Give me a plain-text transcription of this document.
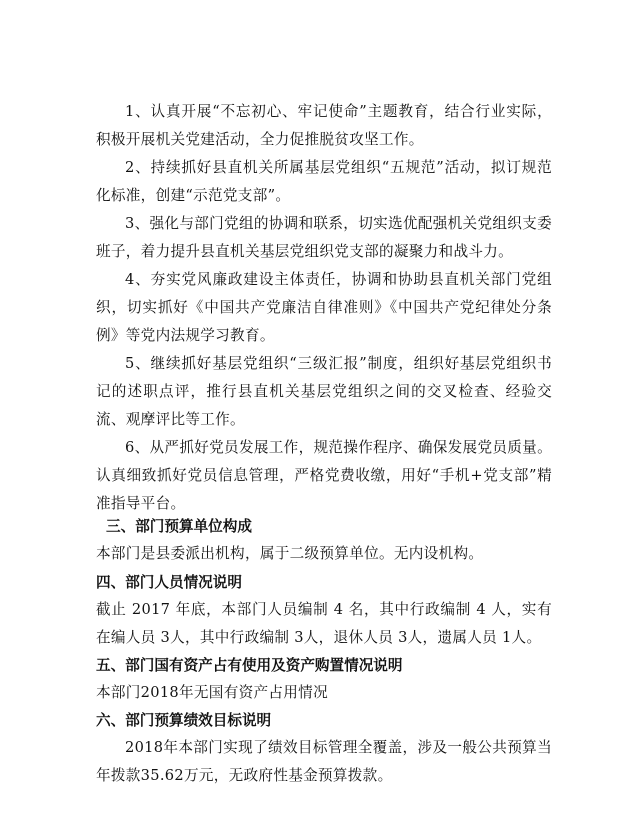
1、认真开展“不忘初心、牢记使命”主题教育，结合行业实际，积极开展机关党建活动，全力促推脱贫攻坚工作。

2、持续抓好县直机关所属基层党组织“五规范”活动，拟订规范化标准，创建“示范党支部”。

3、强化与部门党组的协调和联系，切实选优配强机关党组织支委班子，着力提升县直机关基层党组织党支部的凝聚力和战斗力。

4、夯实党风廉政建设主体责任，协调和协助县直机关部门党组织，切实抓好《中国共产党廉洁自律准则》《中国共产党纪律处分条例》等党内法规学习教育。

5、继续抓好基层党组织“三级汇报”制度，组织好基层党组织书记的述职点评，推行县直机关基层党组织之间的交叉检查、经验交流、观摩评比等工作。

6、从严抓好党员发展工作，规范操作程序、确保发展党员质量。认真细致抓好党员信息管理，严格党费收缴，用好“手机+党支部”精准指导平台。

三、部门预算单位构成

本部门是县委派出机构，属于二级预算单位。无内设机构。

四、部门人员情况说明

截止 2017 年底，本部门人员编制 4 名，其中行政编制 4 人，实有在编人员 3人，其中行政编制 3人，退休人员 3人，遗属人员 1人。

五、部门国有资产占有使用及资产购置情况说明

本部门2018年无国有资产占用情况

六、部门预算绩效目标说明

2018年本部门实现了绩效目标管理全覆盖，涉及一般公共预算当年拨款35.62万元，无政府性基金预算拨款。
